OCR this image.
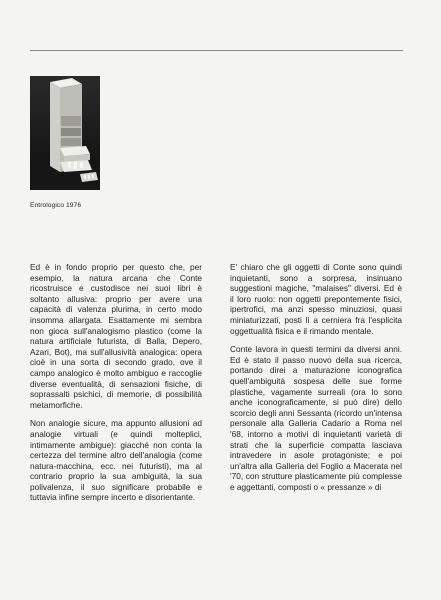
Entrologico 1976

Ed è in fondo proprio per questo che, per esempio, la natura arcana che Conte ricostruisce e custodisce nei suoi libri è soltanto allusiva: proprio per avere una capacità di valenza plurima, in certo modo insomma allargata. Esattamente mi sembra non gioca sull'analogismo plastico (come la natura artificiale futurista, di Balla, Depero, Azari, Bot), ma sull'allusività analogica: opera cioè in una sorta di secondo grado, ove il campo analogico è molto ambiguo e raccoglie diverse eventualità, di sensazioni fisiche, di soprassalti psichici, di memorie, di possibilità metamorfiche.

Non analogie sicure, ma appunto allusioni ad analogie virtuali (e quindi molteplici, intimamente ambigue): giacché non conta la certezza del termine altro dell'analogia (come natura-macchina, ecc. nei futuristi), ma al contrario proprio la sua ambiguità, la sua polivalenza, il suo significare probabile e tuttavia infine sempre incerto e disorientante.

E' chiaro che gli oggetti di Conte sono quindi inquietanti, sono a sorpresa, insinuano suggestioni magiche, "malaises" diversi. Ed è il loro ruolo: non oggetti prepontemente fisici, ipertrofici, ma anzi spesso minuziosi, quasi miniaturizzati, posti lì a cerniera fra l'esplicita oggettualità fisica e il rimando mentale.

Conte lavora in questi termini da diversi anni. Ed è stato il passo nuovo della sua ricerca, portando direi a maturazione iconografica quell'ambiguità sospesa delle sue forme plastiche, vagamente surreali (ora lo sono anche iconograficamente, si può dire) dello scorcio degli anni Sessanta (ricordo un'intensa personale alla Galleria Cadario a Roma nel '68, intorno a motivi di inquietanti varietà di strati che la superficie compatta lasciava intravedere in asole protagoniste; e poi un'altra alla Galleria del Foglio a Macerata nel '70, con strutture plasticamente più complesse e aggettanti, composti o « pressanze » di
